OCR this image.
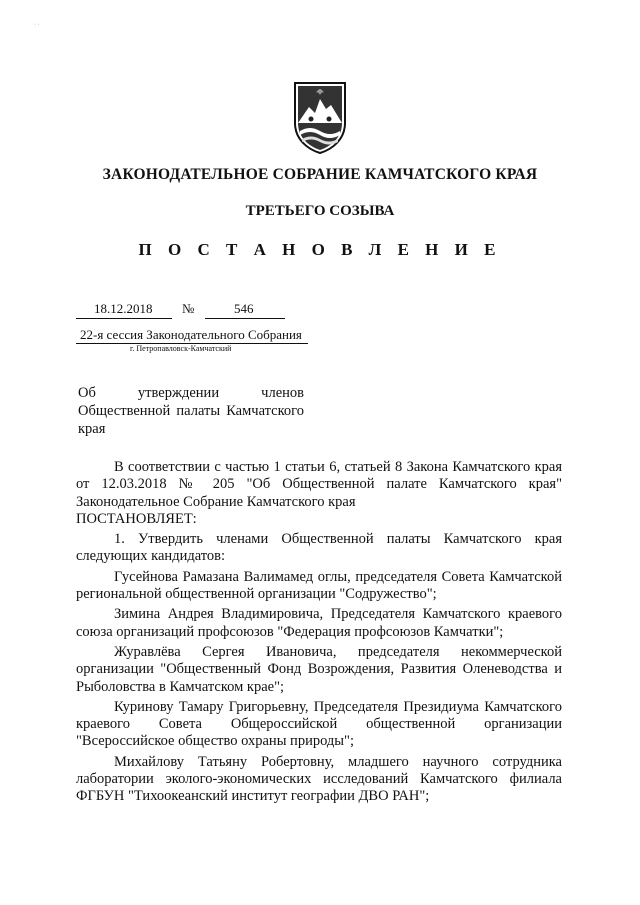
· ·
ЗАКОНОДАТЕЛЬНОЕ СОБРАНИЕ КАМЧАТСКОГО КРАЯ
ТРЕТЬЕГО СОЗЫВА
П О С Т А Н О В Л Е Н И Е
18.12.2018 №	546
22-я сессия Законодательного Собрания
г. Петропавловск-Камчатский
Об утверждении членов Общественной палаты Камчатского края

В соответствии с частью 1 статьи 6, статьей 8 Закона Камчатского края от 12.03.2018 № 205 "Об Общественной палате Камчатского края" Законодательное Собрание Камчатского края

ПОСТАНОВЛЯЕТ:

1. Утвердить членами Общественной палаты Камчатского края следующих кандидатов:

Гусейнова Рамазана Валимамед оглы, председателя Совета Камчатской региональной общественной организации "Содружество";

Зимина Андрея Владимировича, Председателя Камчатского краевого союза организаций профсоюзов "Федерация профсоюзов Камчатки";

Журавлёва Сергея Ивановича, председателя некоммерческой организации "Общественный Фонд Возрождения, Развития Оленеводства и Рыболовства в Камчатском крае";

Куринову Тамару Григорьевну, Председателя Президиума Камчатского краевого Совета Общероссийской общественной организации "Всероссийское общество охраны природы";

Михайлову Татьяну Робертовну, младшего научного сотрудника лаборатории эколого-экономических исследований Камчатского филиала ФГБУН "Тихоокеанский институт географии ДВО РАН";
